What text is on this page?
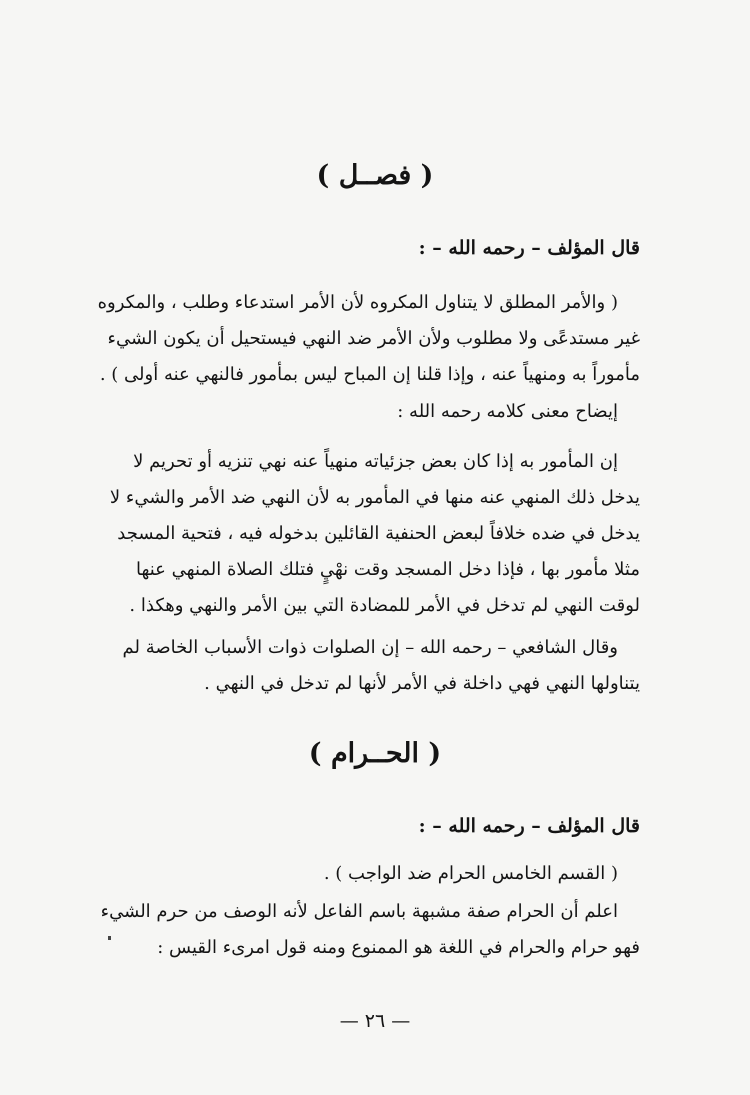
( فصــل )
قال المؤلف – رحمه الله – :
( والأمر المطلق لا يتناول المكروه لأن الأمر استدعاء وطلب ، والمكروه
غير مستدعًى ولا مطلوب ولأن الأمر ضد النهي فيستحيل أن يكون الشيء
مأموراً به ومنهياً عنه ، وإذا قلنا إن المباح ليس بمأمور فالنهي عنه أولى ) .
إيضاح معنى كلامه رحمه الله :
إن المأمور به إذا كان بعض جزئياته منهياً عنه نهي تنزيه أو تحريم لا
يدخل ذلك المنهي عنه منها في المأمور به لأن النهي ضد الأمر والشيء لا
يدخل في ضده خلافاً لبعض الحنفية القائلين بدخوله فيه ، فتحية المسجد
مثلا مأمور بها ، فإذا دخل المسجد وقت نهْيٍ فتلك الصلاة المنهي عنها
لوقت النهي لم تدخل في الأمر للمضادة التي بين الأمر والنهي وهكذا .
وقال الشافعي – رحمه الله – إن الصلوات ذوات الأسباب الخاصة لم
يتناولها النهي فهي داخلة في الأمر لأنها لم تدخل في النهي .
( الحــرام )
قال المؤلف – رحمه الله – :
( القسم الخامس الحرام ضد الواجب ) .
اعلم أن الحرام صفة مشبهة باسم الفاعل لأنه الوصف من حرم الشيء
فهو حرام والحرام في اللغة هو الممنوع ومنه قول امرىء القيس :
— ٢٦ —
